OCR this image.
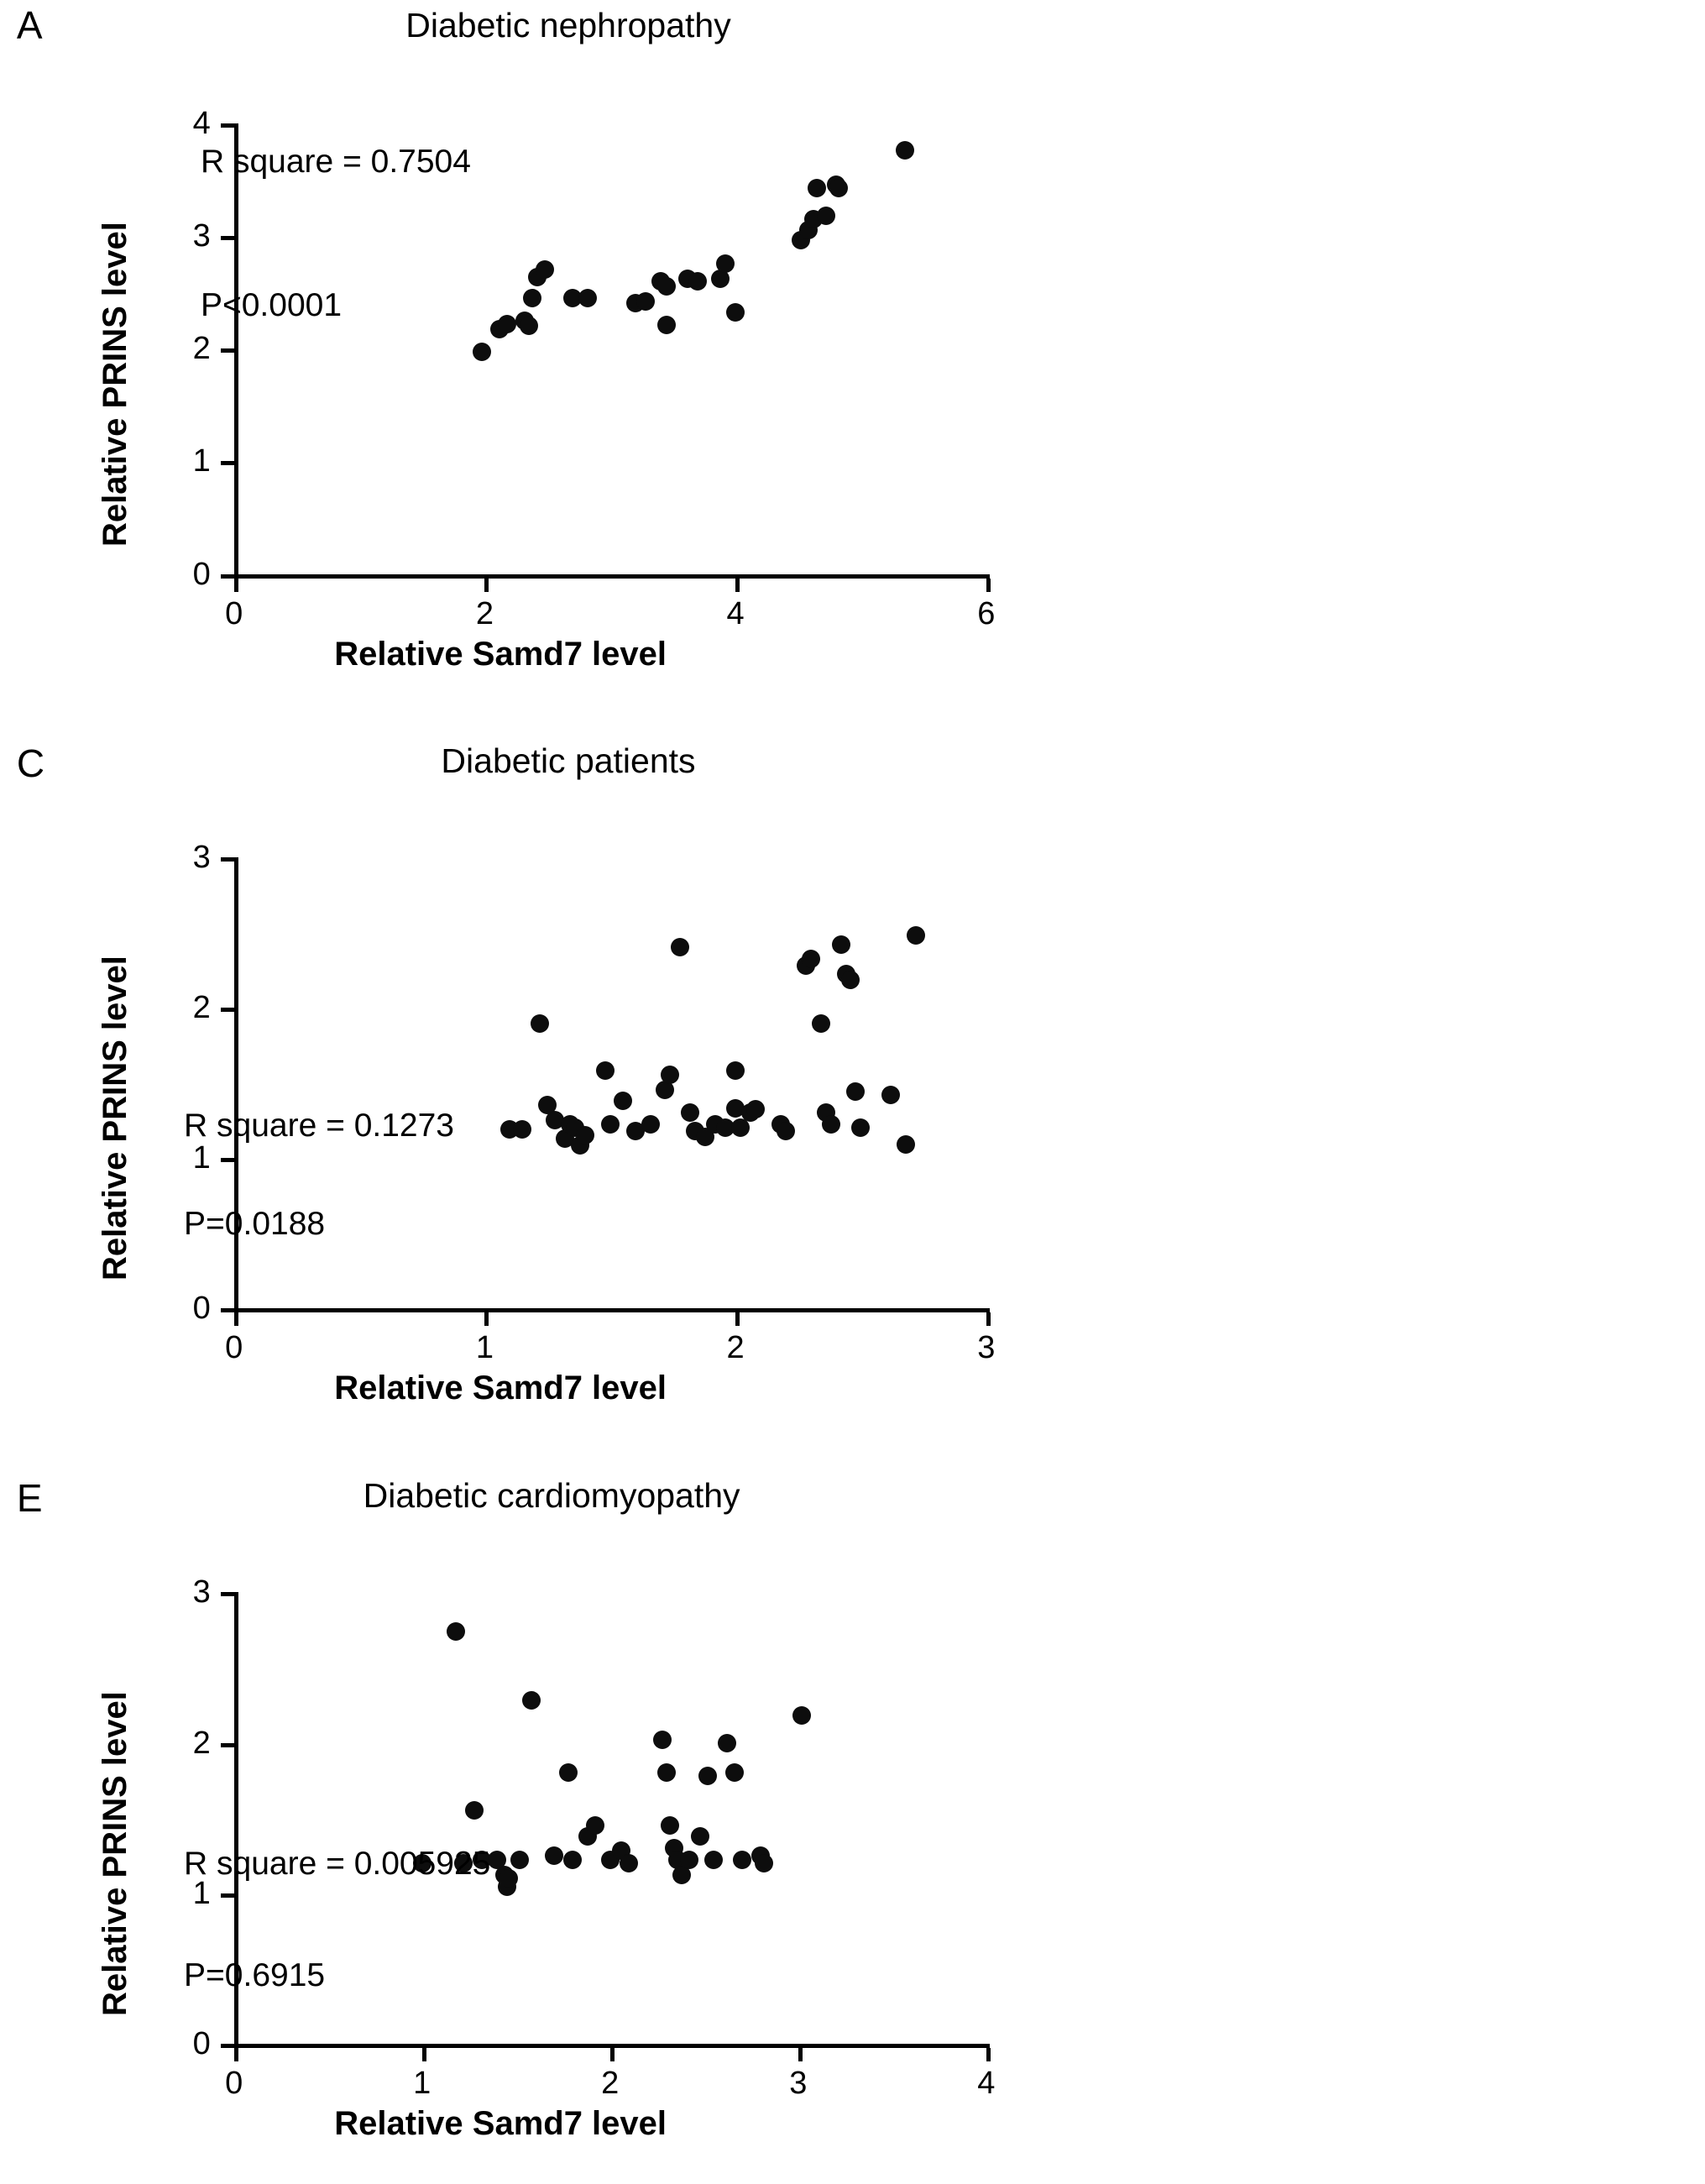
A	Diabetic nephropathy
0	2	4	6
0
1
2
3
4
R square = 0.7504
P<0.0001
Relative PRINS level
Relative Samd7 level
C	Diabetic patients
0	1	2	3
0
1
2
3
R square = 0.1273
P=0.0188
Relative PRINS level
Relative Samd7 level
E	Diabetic cardiomyopathy
0	1	2	3	4
0
1
2
3
R square = 0.005925
P=0.6915
Relative PRINS level
Relative Samd7 level
